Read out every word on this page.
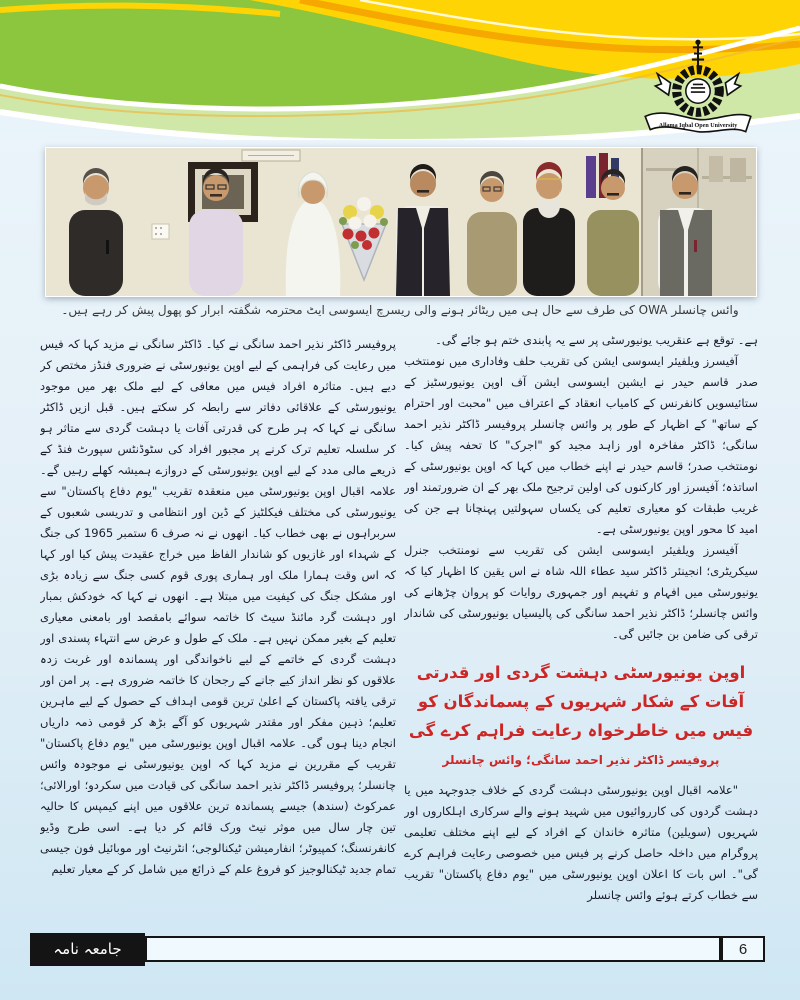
Allama Iqbal Open University
وائس چانسلر OWA کی طرف سے حال ہی میں ریٹائر ہونے والی ریسرچ ایسوسی ایٹ محترمہ شگفتہ ابرار کو پھول پیش کر رہے ہیں۔

پروفیسر ڈاکٹر نذیر احمد سانگی نے کیا۔ ڈاکٹر سانگی نے مزید کہا کہ فیس میں رعایت کی فراہمی کے لیے اوپن یونیورسٹی نے ضروری فنڈز مختص کر دیے ہیں۔ متاثرہ افراد فیس میں معافی کے لیے ملک بھر میں موجود یونیورسٹی کے علاقائی دفاتر سے رابطہ کر سکتے ہیں۔ قبل ازیں ڈاکٹر سانگی نے کہا کہ ہر طرح کی قدرتی آفات یا دہشت گردی سے متاثر ہو کر سلسلہ تعلیم ترک کرنے پر مجبور افراد کی سٹوڈنٹس سپورٹ فنڈ کے ذریعے مالی مدد کے لیے اوپن یونیورسٹی کے دروازے ہمیشہ کھلے رہیں گے۔ علامہ اقبال اوپن یونیورسٹی میں منعقدہ تقریب "یوم دفاع پاکستان" سے یونیورسٹی کی مختلف فیکلٹیز کے ڈین اور انتظامی و تدریسی شعبوں کے سربراہوں نے بھی خطاب کیا۔ انھوں نے نہ صرف 6 ستمبر 1965 کی جنگ کے شہداء اور غازیوں کو شاندار الفاظ میں خراج عقیدت پیش کیا اور کہا کہ اس وقت ہمارا ملک اور ہماری پوری قوم کسی جنگ سے زیادہ بڑی اور مشکل جنگ کی کیفیت میں مبتلا ہے۔ انھوں نے کہا کہ خودکش بمبار اور دہشت گرد مائنڈ سیٹ کا خاتمہ سوائے بامقصد اور بامعنی معیاری تعلیم کے بغیر ممکن نہیں ہے۔ ملک کے طول و عرض سے انتہاء پسندی اور دہشت گردی کے خاتمے کے لیے ناخواندگی اور پسماندہ اور غربت زدہ علاقوں کو نظر انداز کیے جانے کے رجحان کا خاتمہ ضروری ہے۔ پر امن اور ترقی یافتہ پاکستان کے اعلیٰ ترین قومی اہداف کے حصول کے لیے ماہرین تعلیم؛ ذہین مفکر اور مقتدر شہریوں کو آگے بڑھ کر قومی ذمہ داریاں انجام دینا ہوں گی۔ علامہ اقبال اوپن یونیورسٹی میں "یوم دفاع پاکستان" تقریب کے مقررین نے مزید کہا کہ اوپن یونیورسٹی نے موجودہ وائس چانسلر؛ پروفیسر ڈاکٹر نذیر احمد سانگی کی قیادت میں سکردو؛ اورالائی؛ عمرکوٹ (سندھ) جیسے پسماندہ ترین علاقوں میں اپنے کیمپس کا حالیہ تین چار سال میں موثر نیٹ ورک قائم کر دیا ہے۔ اسی طرح وڈیو کانفرنسنگ؛ کمپیوٹر؛ انفارمیشن ٹیکنالوجی؛ انٹرنیٹ اور موبائیل فون جیسی تمام جدید ٹیکنالوجیز کو فروغ علم کے ذرائع میں شامل کر کے معیار تعلیم

ہے۔ توقع ہے عنقریب یونیورسٹی پر سے یہ پابندی ختم ہو جائے گی۔

آفیسرز ویلفیئر ایسوسی ایشن کی تقریب حلف وفاداری میں نومنتخب صدر قاسم حیدر نے ایشین ایسوسی ایشن آف اوپن یونیورسٹیز کے ستائیسویں کانفرنس کے کامیاب انعقاد کے اعتراف میں "محبت اور احترام کے ساتھ" کے اظہار کے طور پر وائس چانسلر پروفیسر ڈاکٹر نذیر احمد سانگی؛ ڈاکٹر مفاخرہ اور زاہد مجید کو "اجرک" کا تحفہ پیش کیا۔ نومنتخب صدر؛ قاسم حیدر نے اپنے خطاب میں کہا کہ اوپن یونیورسٹی کے اساتذہ؛ آفیسرز اور کارکنوں کی اولین ترجیح ملک بھر کے ان ضرورتمند اور غریب طبقات کو معیاری تعلیم کی یکساں سہولتیں پہنچانا ہے جن کی امید کا محور اوپن یونیورسٹی ہے۔

آفیسرز ویلفیئر ایسوسی ایشن کی تقریب سے نومنتخب جنرل سیکریٹری؛ انجینئر ڈاکٹر سید عطاء اللہ شاہ نے اس یقین کا اظہار کیا کہ یونیورسٹی میں افہام و تفہیم اور جمہوری روایات کو پروان چڑھانے کی وائس چانسلر؛ ڈاکٹر نذیر احمد سانگی کی پالیسیاں یونیورسٹی کی شاندار ترقی کی ضامن بن جائیں گی۔

اوپن یونیورسٹی دہشت گردی اور قدرتی آفات کے شکار شہریوں کے پسماندگان کو فیس میں خاطرخواہ رعایت فراہم کرے گی
پروفیسر ڈاکٹر نذیر احمد سانگی؛ وائس چانسلر

"علامہ اقبال اوپن یونیورسٹی دہشت گردی کے خلاف جدوجہد میں یا دہشت گردوں کی کارروائیوں میں شہید ہونے والے سرکاری اہلکاروں اور شہریوں (سویلین) متاثرہ خاندان کے افراد کے لیے اپنے مختلف تعلیمی پروگرام میں داخلہ حاصل کرنے پر فیس میں خصوصی رعایت فراہم کرے گی"۔ اس بات کا اعلان اوپن یونیورسٹی میں "یوم دفاع پاکستان" تقریب سے خطاب کرتے ہوئے وائس چانسلر

جامعہ نامہ	6
